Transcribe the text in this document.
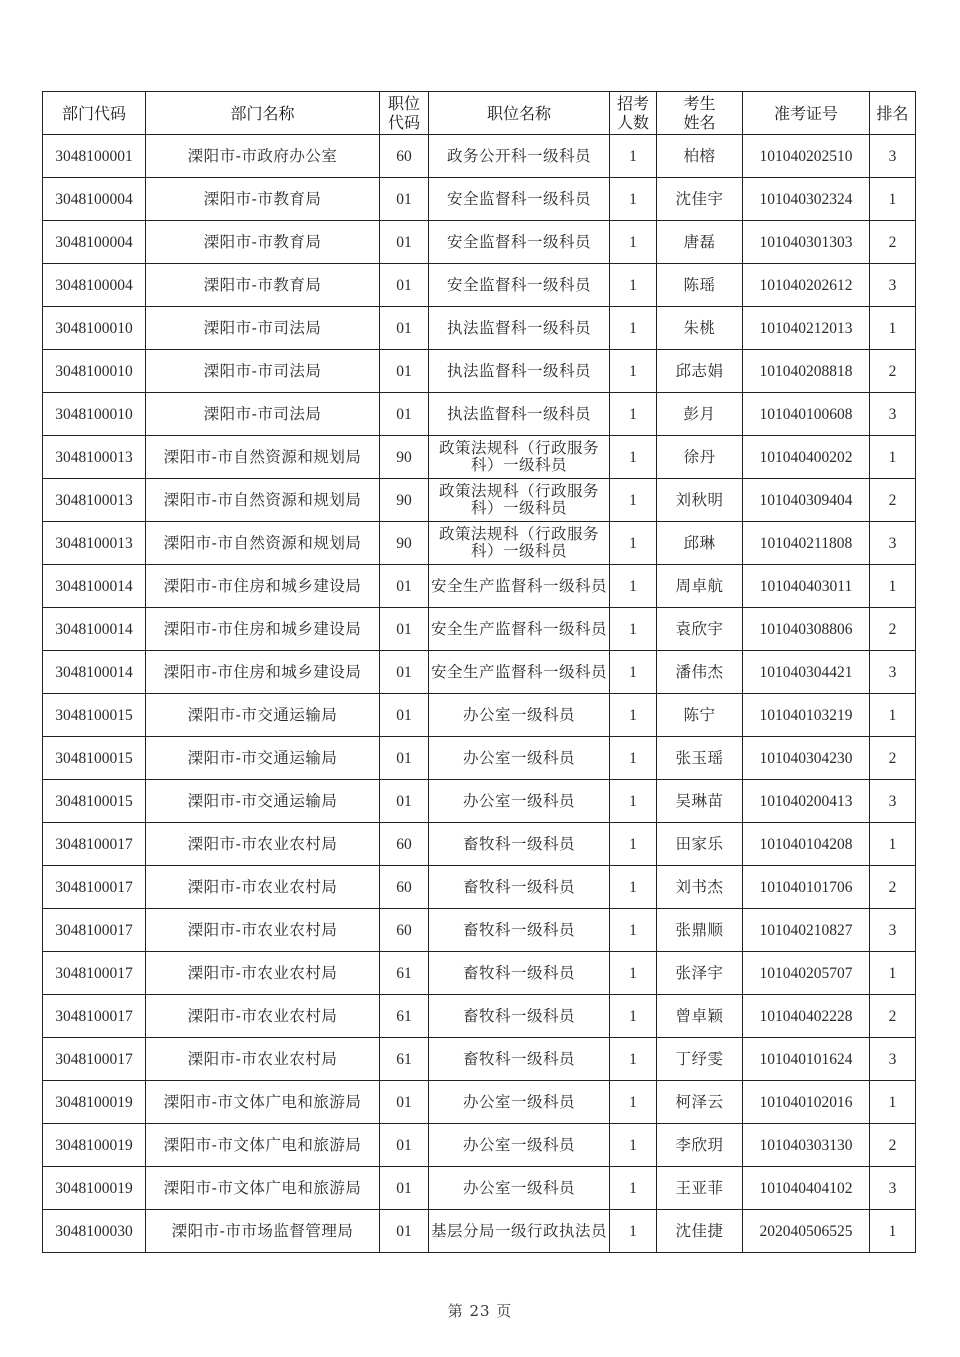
部门代码	部门名称	职位代码	职位名称	招考人数	考生姓名	准考证号	排名
3048100001	溧阳市-市政府办公室	60	政务公开科一级科员	1	柏榕	101040202510	3
3048100004	溧阳市-市教育局	01	安全监督科一级科员	1	沈佳宇	101040302324	1
3048100004	溧阳市-市教育局	01	安全监督科一级科员	1	唐磊	101040301303	2
3048100004	溧阳市-市教育局	01	安全监督科一级科员	1	陈瑶	101040202612	3
3048100010	溧阳市-市司法局	01	执法监督科一级科员	1	朱桃	101040212013	1
3048100010	溧阳市-市司法局	01	执法监督科一级科员	1	邱志娟	101040208818	2
3048100010	溧阳市-市司法局	01	执法监督科一级科员	1	彭月	101040100608	3
3048100013	溧阳市-市自然资源和规划局	90	政策法规科（行政服务科）一级科员	1	徐丹	101040400202	1
3048100013	溧阳市-市自然资源和规划局	90	政策法规科（行政服务科）一级科员	1	刘秋明	101040309404	2
3048100013	溧阳市-市自然资源和规划局	90	政策法规科（行政服务科）一级科员	1	邱琳	101040211808	3
3048100014	溧阳市-市住房和城乡建设局	01	安全生产监督科一级科员	1	周卓航	101040403011	1
3048100014	溧阳市-市住房和城乡建设局	01	安全生产监督科一级科员	1	袁欣宇	101040308806	2
3048100014	溧阳市-市住房和城乡建设局	01	安全生产监督科一级科员	1	潘伟杰	101040304421	3
3048100015	溧阳市-市交通运输局	01	办公室一级科员	1	陈宁	101040103219	1
3048100015	溧阳市-市交通运输局	01	办公室一级科员	1	张玉瑶	101040304230	2
3048100015	溧阳市-市交通运输局	01	办公室一级科员	1	吴琳苗	101040200413	3
3048100017	溧阳市-市农业农村局	60	畜牧科一级科员	1	田家乐	101040104208	1
3048100017	溧阳市-市农业农村局	60	畜牧科一级科员	1	刘书杰	101040101706	2
3048100017	溧阳市-市农业农村局	60	畜牧科一级科员	1	张鼎顺	101040210827	3
3048100017	溧阳市-市农业农村局	61	畜牧科一级科员	1	张泽宇	101040205707	1
3048100017	溧阳市-市农业农村局	61	畜牧科一级科员	1	曾卓颖	101040402228	2
3048100017	溧阳市-市农业农村局	61	畜牧科一级科员	1	丁纾雯	101040101624	3
3048100019	溧阳市-市文体广电和旅游局	01	办公室一级科员	1	柯泽云	101040102016	1
3048100019	溧阳市-市文体广电和旅游局	01	办公室一级科员	1	李欣玥	101040303130	2
3048100019	溧阳市-市文体广电和旅游局	01	办公室一级科员	1	王亚菲	101040404102	3
3048100030	溧阳市-市市场监督管理局	01	基层分局一级行政执法员	1	沈佳捷	202040506525	1
第 23 页
